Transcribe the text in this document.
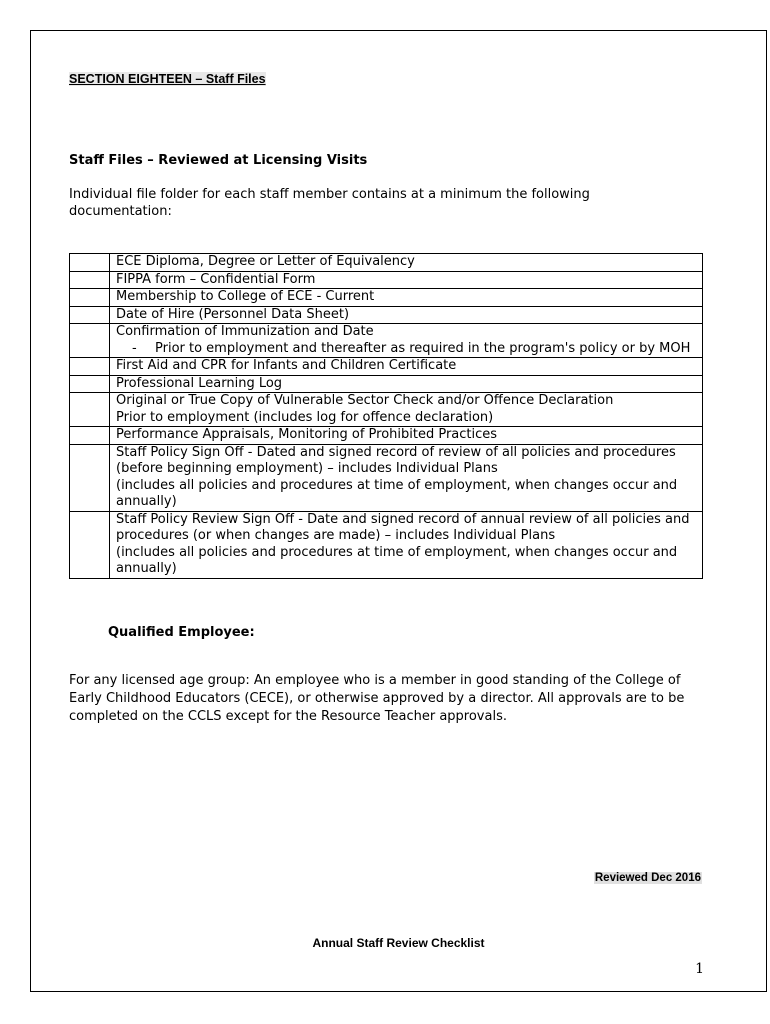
SECTION EIGHTEEN – Staff Files
Staff Files – Reviewed at Licensing Visits
Individual file folder for each staff member contains at a minimum the following documentation:

	ECE Diploma, Degree or Letter of Equivalency

	FIPPA form – Confidential Form

	Membership to College of ECE - Current

	Date of Hire (Personnel Data Sheet)

	Confirmation of Immunization and Date
- Prior to employment and thereafter as required in the program's policy or by MOH

	First Aid and CPR for Infants and Children Certificate

	Professional Learning Log

	Original or True Copy of Vulnerable Sector Check and/or Offence Declaration
Prior to employment (includes log for offence declaration)

	Performance Appraisals, Monitoring of Prohibited Practices

	Staff Policy Sign Off - Dated and signed record of review of all policies and procedures (before beginning employment) – includes Individual Plans
(includes all policies and procedures at time of employment, when changes occur and annually)

	Staff Policy Review Sign Off - Date and signed record of annual review of all policies and procedures (or when changes are made) – includes Individual Plans
(includes all policies and procedures at time of employment, when changes occur and annually)
Qualified Employee:
For any licensed age group: An employee who is a member in good standing of the College of Early Childhood Educators (CECE), or otherwise approved by a director. All approvals are to be completed on the CCLS except for the Resource Teacher approvals.
Reviewed Dec 2016
Annual Staff Review Checklist
1
